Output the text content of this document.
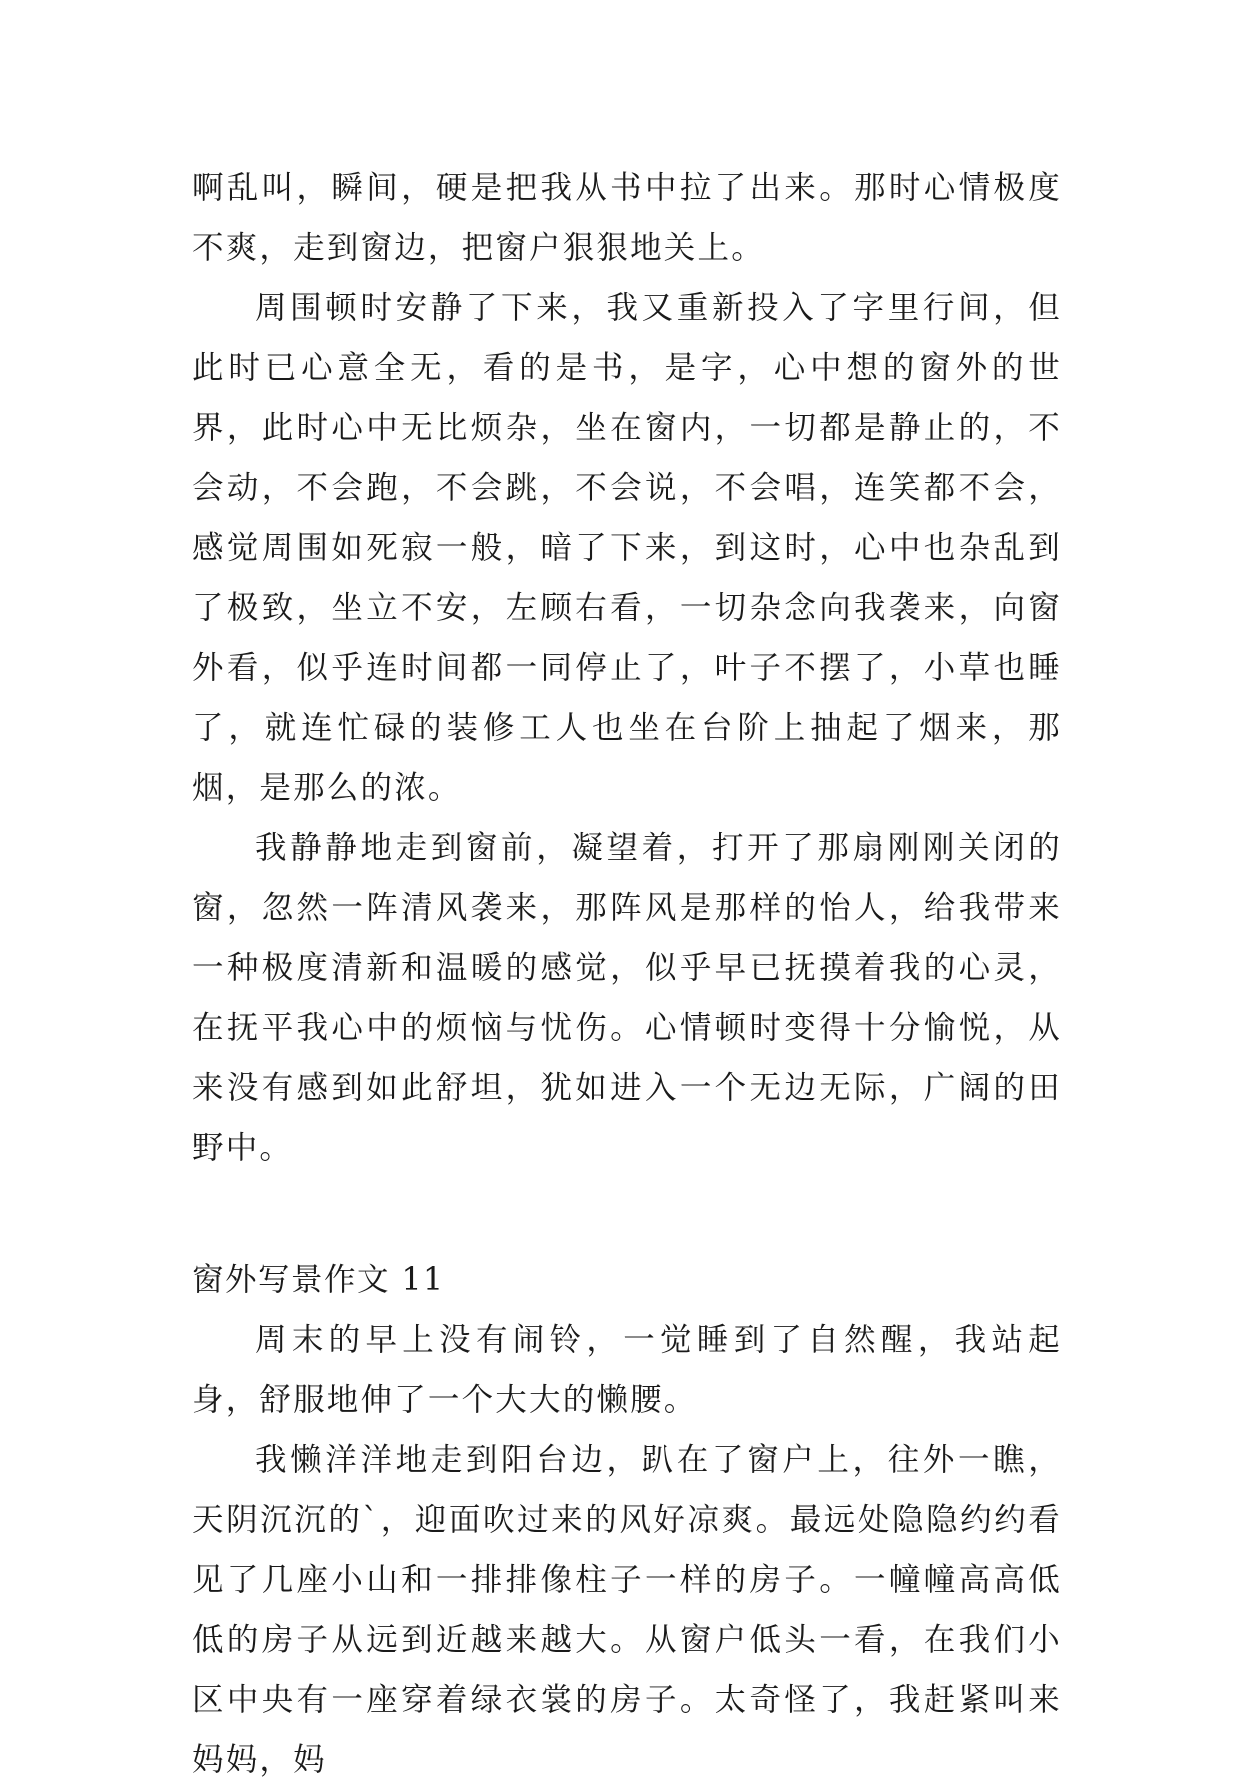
啊乱叫，瞬间，硬是把我从书中拉了出来。那时心情极度不爽，走到窗边，把窗户狠狠地关上。

周围顿时安静了下来，我又重新投入了字里行间，但此时已心意全无，看的是书，是字，心中想的窗外的世界，此时心中无比烦杂，坐在窗内，一切都是静止的，不会动，不会跑，不会跳，不会说，不会唱，连笑都不会，感觉周围如死寂一般，暗了下来，到这时，心中也杂乱到了极致，坐立不安，左顾右看，一切杂念向我袭来，向窗外看，似乎连时间都一同停止了，叶子不摆了，小草也睡了，就连忙碌的装修工人也坐在台阶上抽起了烟来，那烟，是那么的浓。

我静静地走到窗前，凝望着，打开了那扇刚刚关闭的窗，忽然一阵清风袭来，那阵风是那样的怡人，给我带来一种极度清新和温暖的感觉，似乎早已抚摸着我的心灵，在抚平我心中的烦恼与忧伤。心情顿时变得十分愉悦，从来没有感到如此舒坦，犹如进入一个无边无际，广阔的田野中。

窗外写景作文 11

周末的早上没有闹铃，一觉睡到了自然醒，我站起身，舒服地伸了一个大大的懒腰。

我懒洋洋地走到阳台边，趴在了窗户上，往外一瞧，天阴沉沉的`，迎面吹过来的风好凉爽。最远处隐隐约约看见了几座小山和一排排像柱子一样的房子。一幢幢高高低低的房子从远到近越来越大。从窗户低头一看，在我们小区中央有一座穿着绿衣裳的房子。太奇怪了，我赶紧叫来妈妈，妈
